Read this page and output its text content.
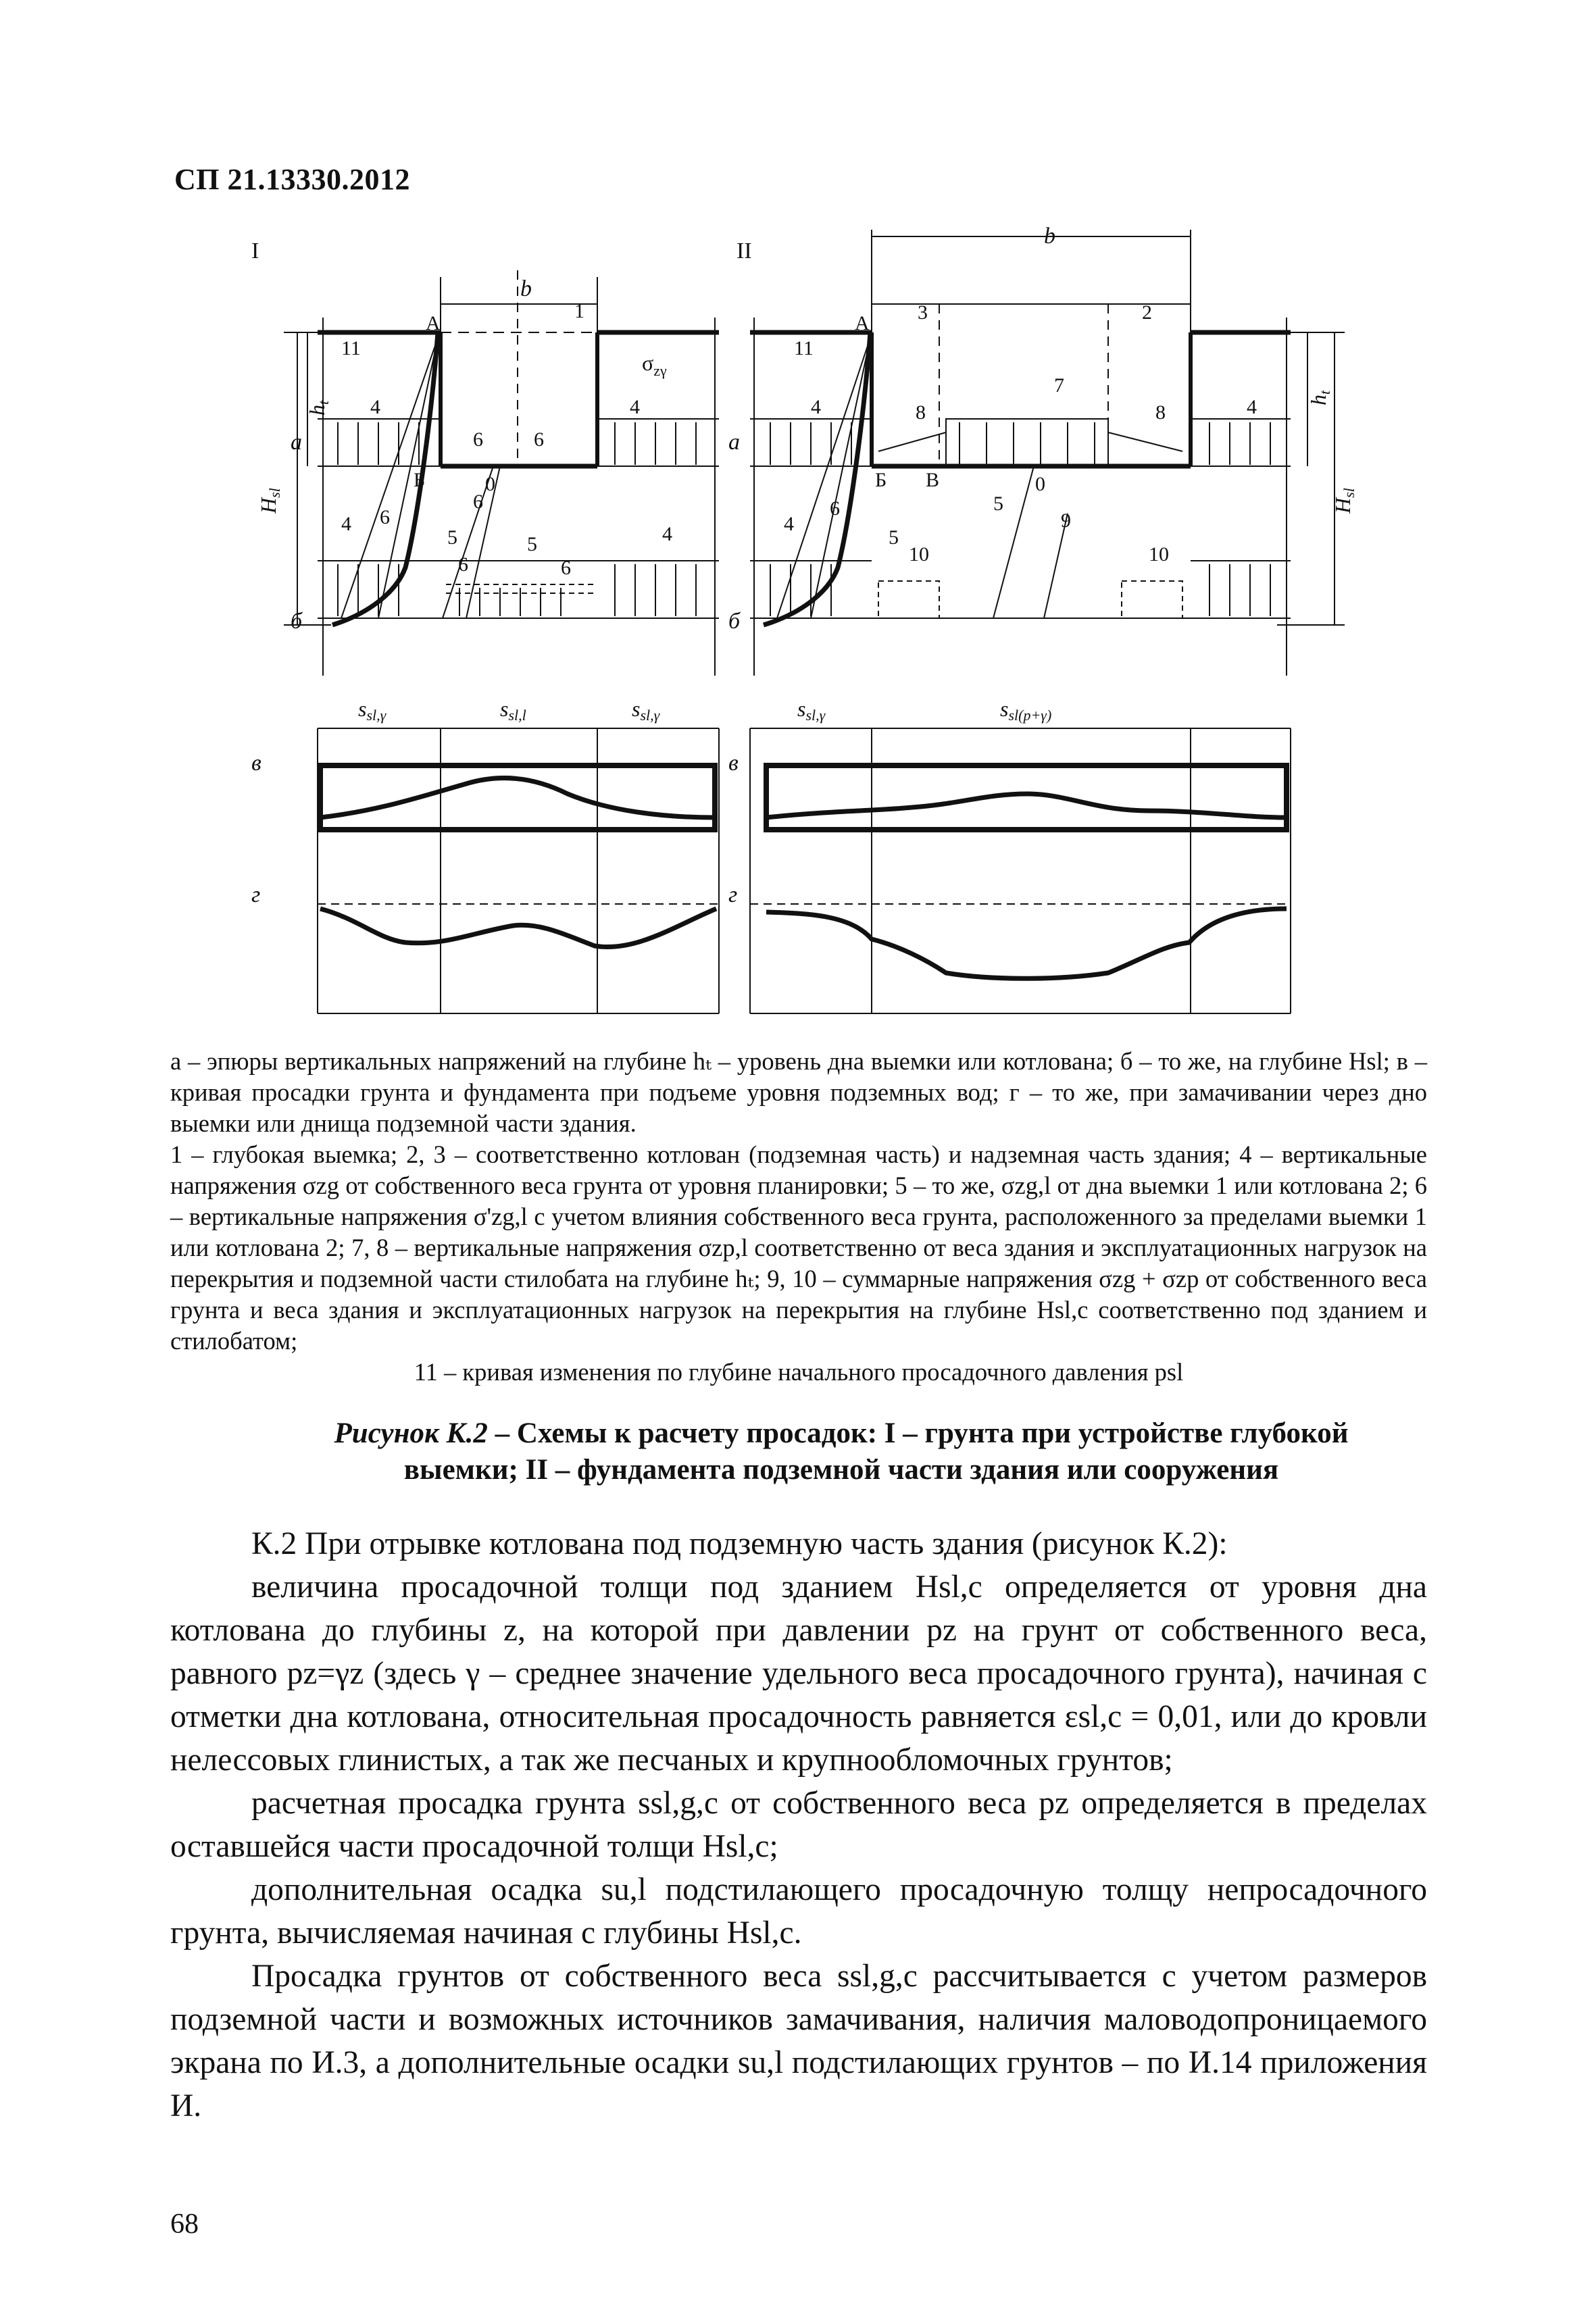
СП 21.13330.2012
I	II
b
b
а	а
б	б
в	в
г	г
А	А
Б	Б В
0	0
$\sigma_{z\gamma}$
11	11
1	2
3
4	4	4	4
4	4	4
5	5	5
5
6	6
6
6
6	6
6
7
8	8
9
10	10
Hsl
ht	ht
Hsl
ssl,γ	ssl,l	ssl,γ	ssl,γ	ssl(p+γ)

а – эпюры вертикальных напряжений на глубине hₜ – уровень дна выемки или котлована; б – то же, на глубине Hsl; в – кривая просадки грунта и фундамента при подъеме уровня подземных вод; г – то же, при замачивании через дно выемки или днища подземной части здания.

1 – глубокая выемка; 2, 3 – соответственно котлован (подземная часть) и надземная часть здания; 4 – вертикальные напряжения σzg от собственного веса грунта от уровня планировки; 5 – то же, σzg,l от дна выемки 1 или котлована 2; 6 – вертикальные напряжения σ'zg,l с учетом влияния собственного веса грунта, расположенного за пределами выемки 1 или котлована 2; 7, 8 – вертикальные напряжения σzp,l соответственно от веса здания и эксплуатационных нагрузок на перекрытия и подземной части стилобата на глубине hₜ; 9, 10 – суммарные напряжения σzg + σzp от собственного веса грунта и веса здания и эксплуатационных нагрузок на перекрытия на глубине Hsl,c соответственно под зданием и стилобатом;

11 – кривая изменения по глубине начального просадочного давления psl

Рисунок К.2 – Схемы к расчету просадок: I – грунта при устройстве глубокой выемки; II – фундамента подземной части здания или сооружения

К.2 При отрывке котлована под подземную часть здания (рисунок К.2):

величина просадочной толщи под зданием Hsl,c определяется от уровня дна котлована до глубины z, на которой при давлении pz на грунт от собственного веса, равного pz=γz (здесь γ – среднее значение удельного веса просадочного грунта), начиная с отметки дна котлована, относительная просадочность равняется εsl,c = 0,01, или до кровли нелессовых глинистых, а так же песчаных и крупнообломочных грунтов;

расчетная просадка грунта ssl,g,c от собственного веса pz определяется в пределах оставшейся части просадочной толщи Hsl,c;

дополнительная осадка su,l подстилающего просадочную толщу непросадочного грунта, вычисляемая начиная с глубины Hsl,c.

Просадка грунтов от собственного веса ssl,g,c рассчитывается с учетом размеров подземной части и возможных источников замачивания, наличия маловодопроницаемого экрана по И.3, а дополнительные осадки su,l подстилающих грунтов – по И.14 приложения И.

68
